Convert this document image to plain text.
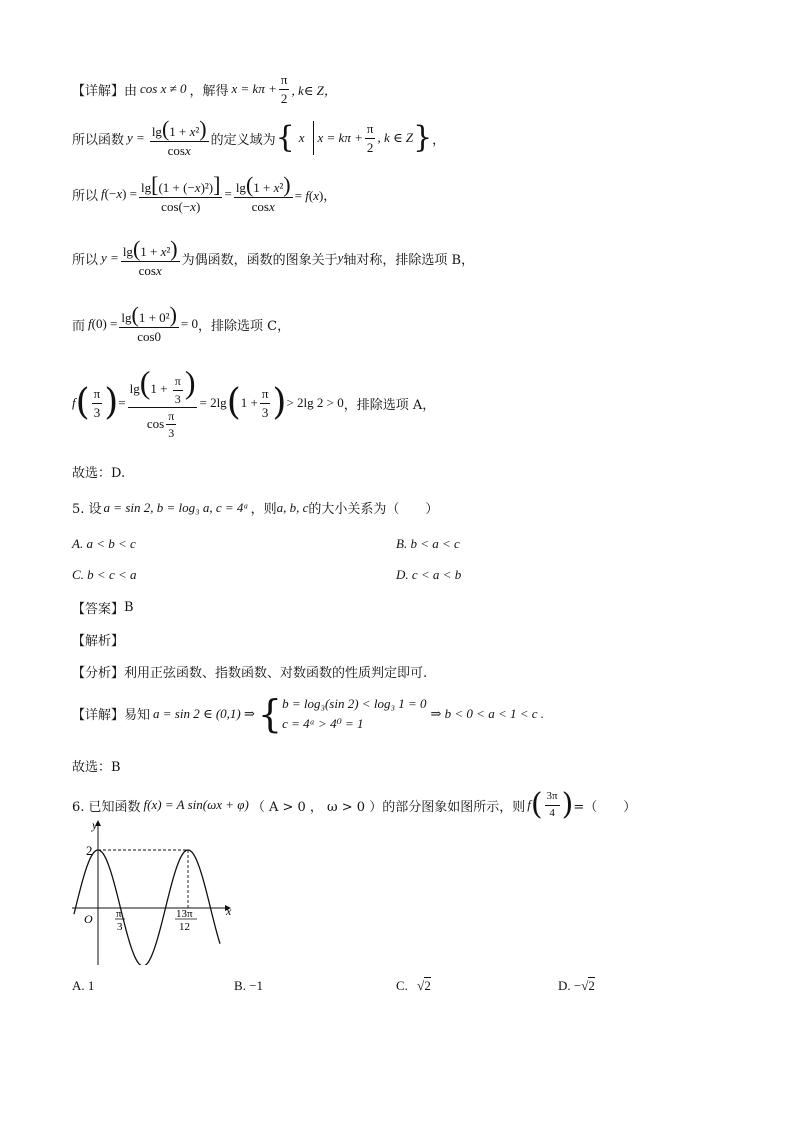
【详解】由 cos x ≠ 0 ，解得 $x = k\pi + \frac{\pi}{2}$ , k∈ Z，
所以函数 $y = \frac{\text{lg(1 + x²)}}{\cos x}$ 的定义域为 { x $x = k\pi + \frac{\pi}{2}$ , k ∈ Z } ，
所以 f $(-x) = \frac{\text{lg[(1 + (−x)²)]}}{\cos(-x)} = \frac{\text{lg(1 + x²)}}{\cos x} = f(x)$，
所以 $y = \frac{\text{lg(1 + x²)}}{\cos x}$ 为偶函数，函数的图象关于 y 轴对称，排除选项 B，
而 f $(0) = \frac{\text{lg(1 + 0²)}}{\cos 0} = 0$ ，排除选项 C，
f ( $\frac{\pi}{3}$ ) = $\frac{\lg(1 + \frac{\pi}{3} )}{\cos \frac{\pi}{3}} = 2\lg$ ( $1 + \frac{\pi}{3}$ ) > 2lg 2 > 0 ，排除选项 A，
故选：D.
5. 设 a = sin 2, b = log₃ a, c = 4ᵃ ，则 a, b, c 的大小关系为（　　）
A. a < b < c	B. b < a < c
C. b < c < a	D. c < a < b
【答案】 B
【解析】
【分析】利用正弦函数、指数函数、对数函数的性质判定即可.
【详解】易知 a = sin 2 ∈ (0,1) ⇒ { b = log₃(sin 2) < log₃ 1 = 0
c = 4ᵃ > 4⁰ = 1
⇒ b < 0 < a < 1 < c .
故选：B
6. 已知函数 f(x) = A sin(ωx + φ) （ A > 0 ， ω > 0 ）的部分图象如图所示，则 f ( $\frac{3\pi}{4}$ ) =（　　）
y
x
O
2
π
3
13π
12
A. 1	B. −1	C. √2	D. −√2
